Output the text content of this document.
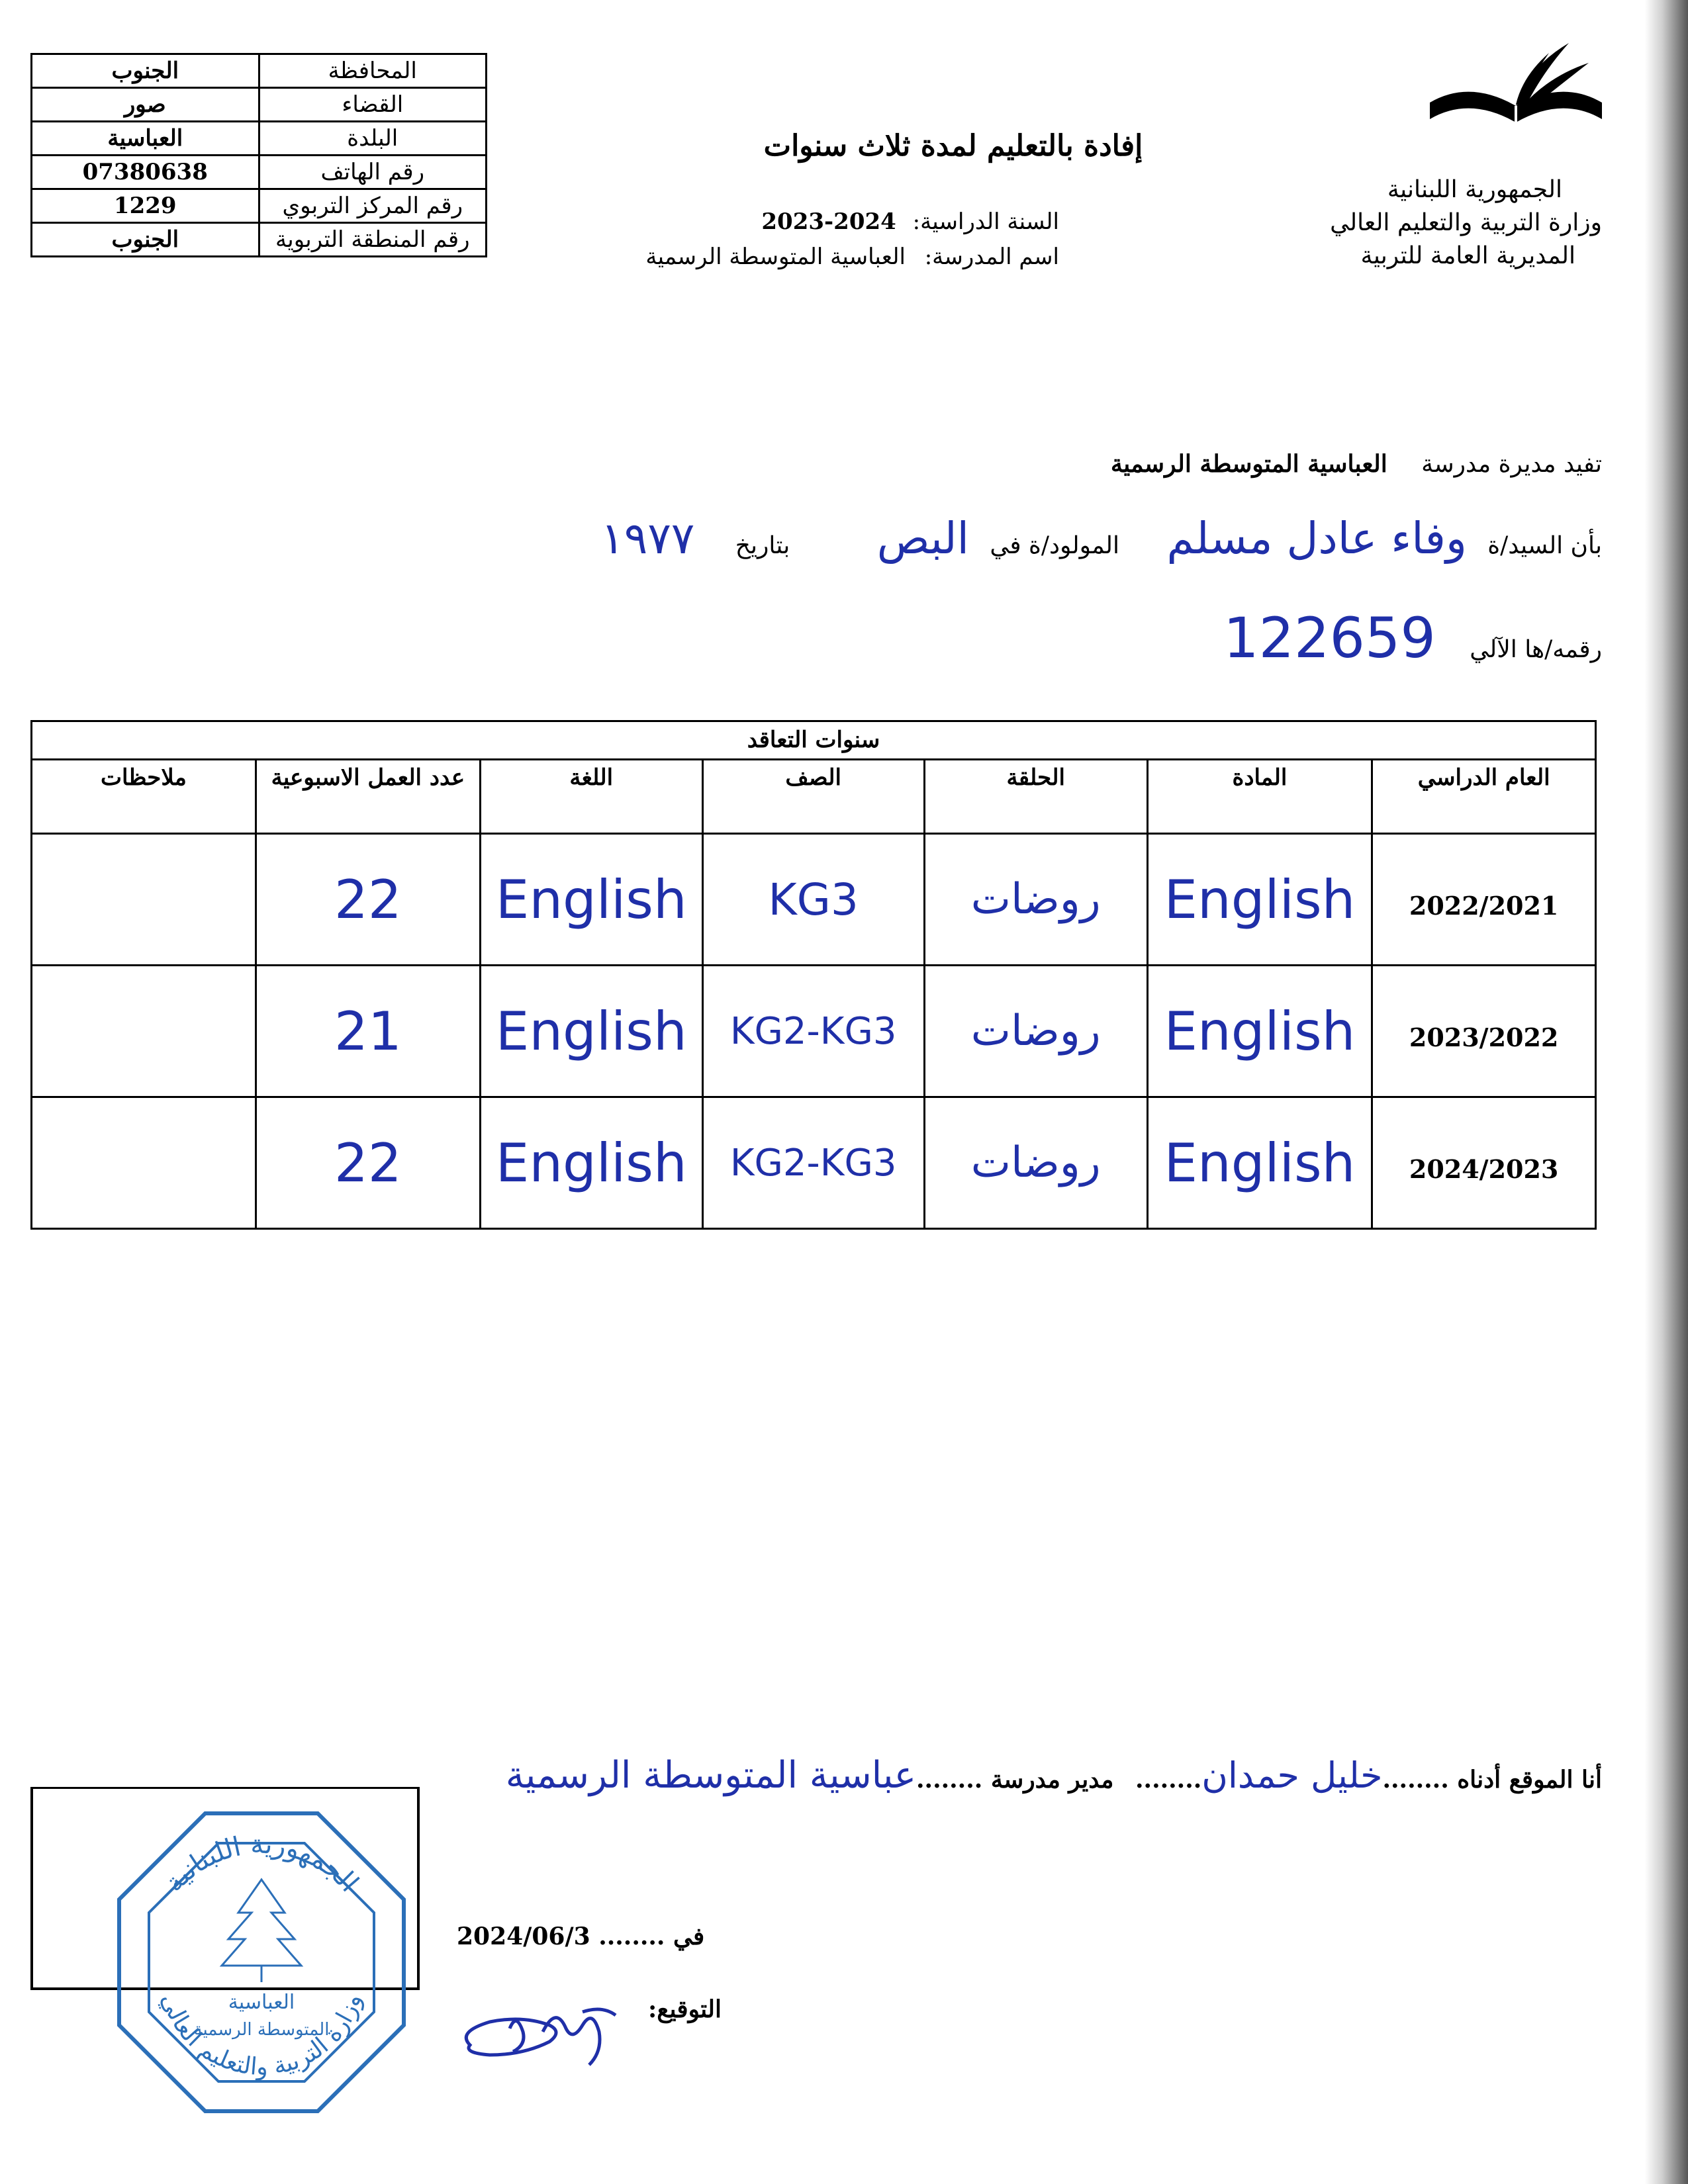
المحافظة	الجنوب
القضاء	صور
البلدة	العباسية
رقم الهاتف	07380638
رقم المركز التربوي	1229
رقم المنطقة التربوية	الجنوب
إفادة بالتعليم لمدة ثلاث سنوات
السنة الدراسية: 2024-2023
اسم المدرسة: العباسية المتوسطة الرسمية
الجمهورية اللبنانية
وزارة التربية والتعليم العالي
المديرية العامة للتربية
تفيد مديرة مدرسة العباسية المتوسطة الرسمية
بأن السيد/ة وفاء عادل مسلم المولود/ة في البص بتاريخ ١٩٧٧
رقمه/ها الآلي 122659
سنوات التعاقد						
العام الدراسي	المادة	الحلقة	الصف	اللغة	عدد العمل الاسبوعية	ملاحظات
2022/2021	English	روضات	KG3	English	22	
2023/2022	English	روضات	KG2-KG3	English	21	
2024/2023	English	روضات	KG2-KG3	English	22	
أنا الموقع أدناه ........خليل حمدان........ مدير مدرسة ........عباسية المتوسطة الرسمية
في ........ 2024/06/3
التوقيع:
الجمهورية اللبنانية
وزارة التربية والتعليم العالي
العباسية
المتوسطة الرسمية
